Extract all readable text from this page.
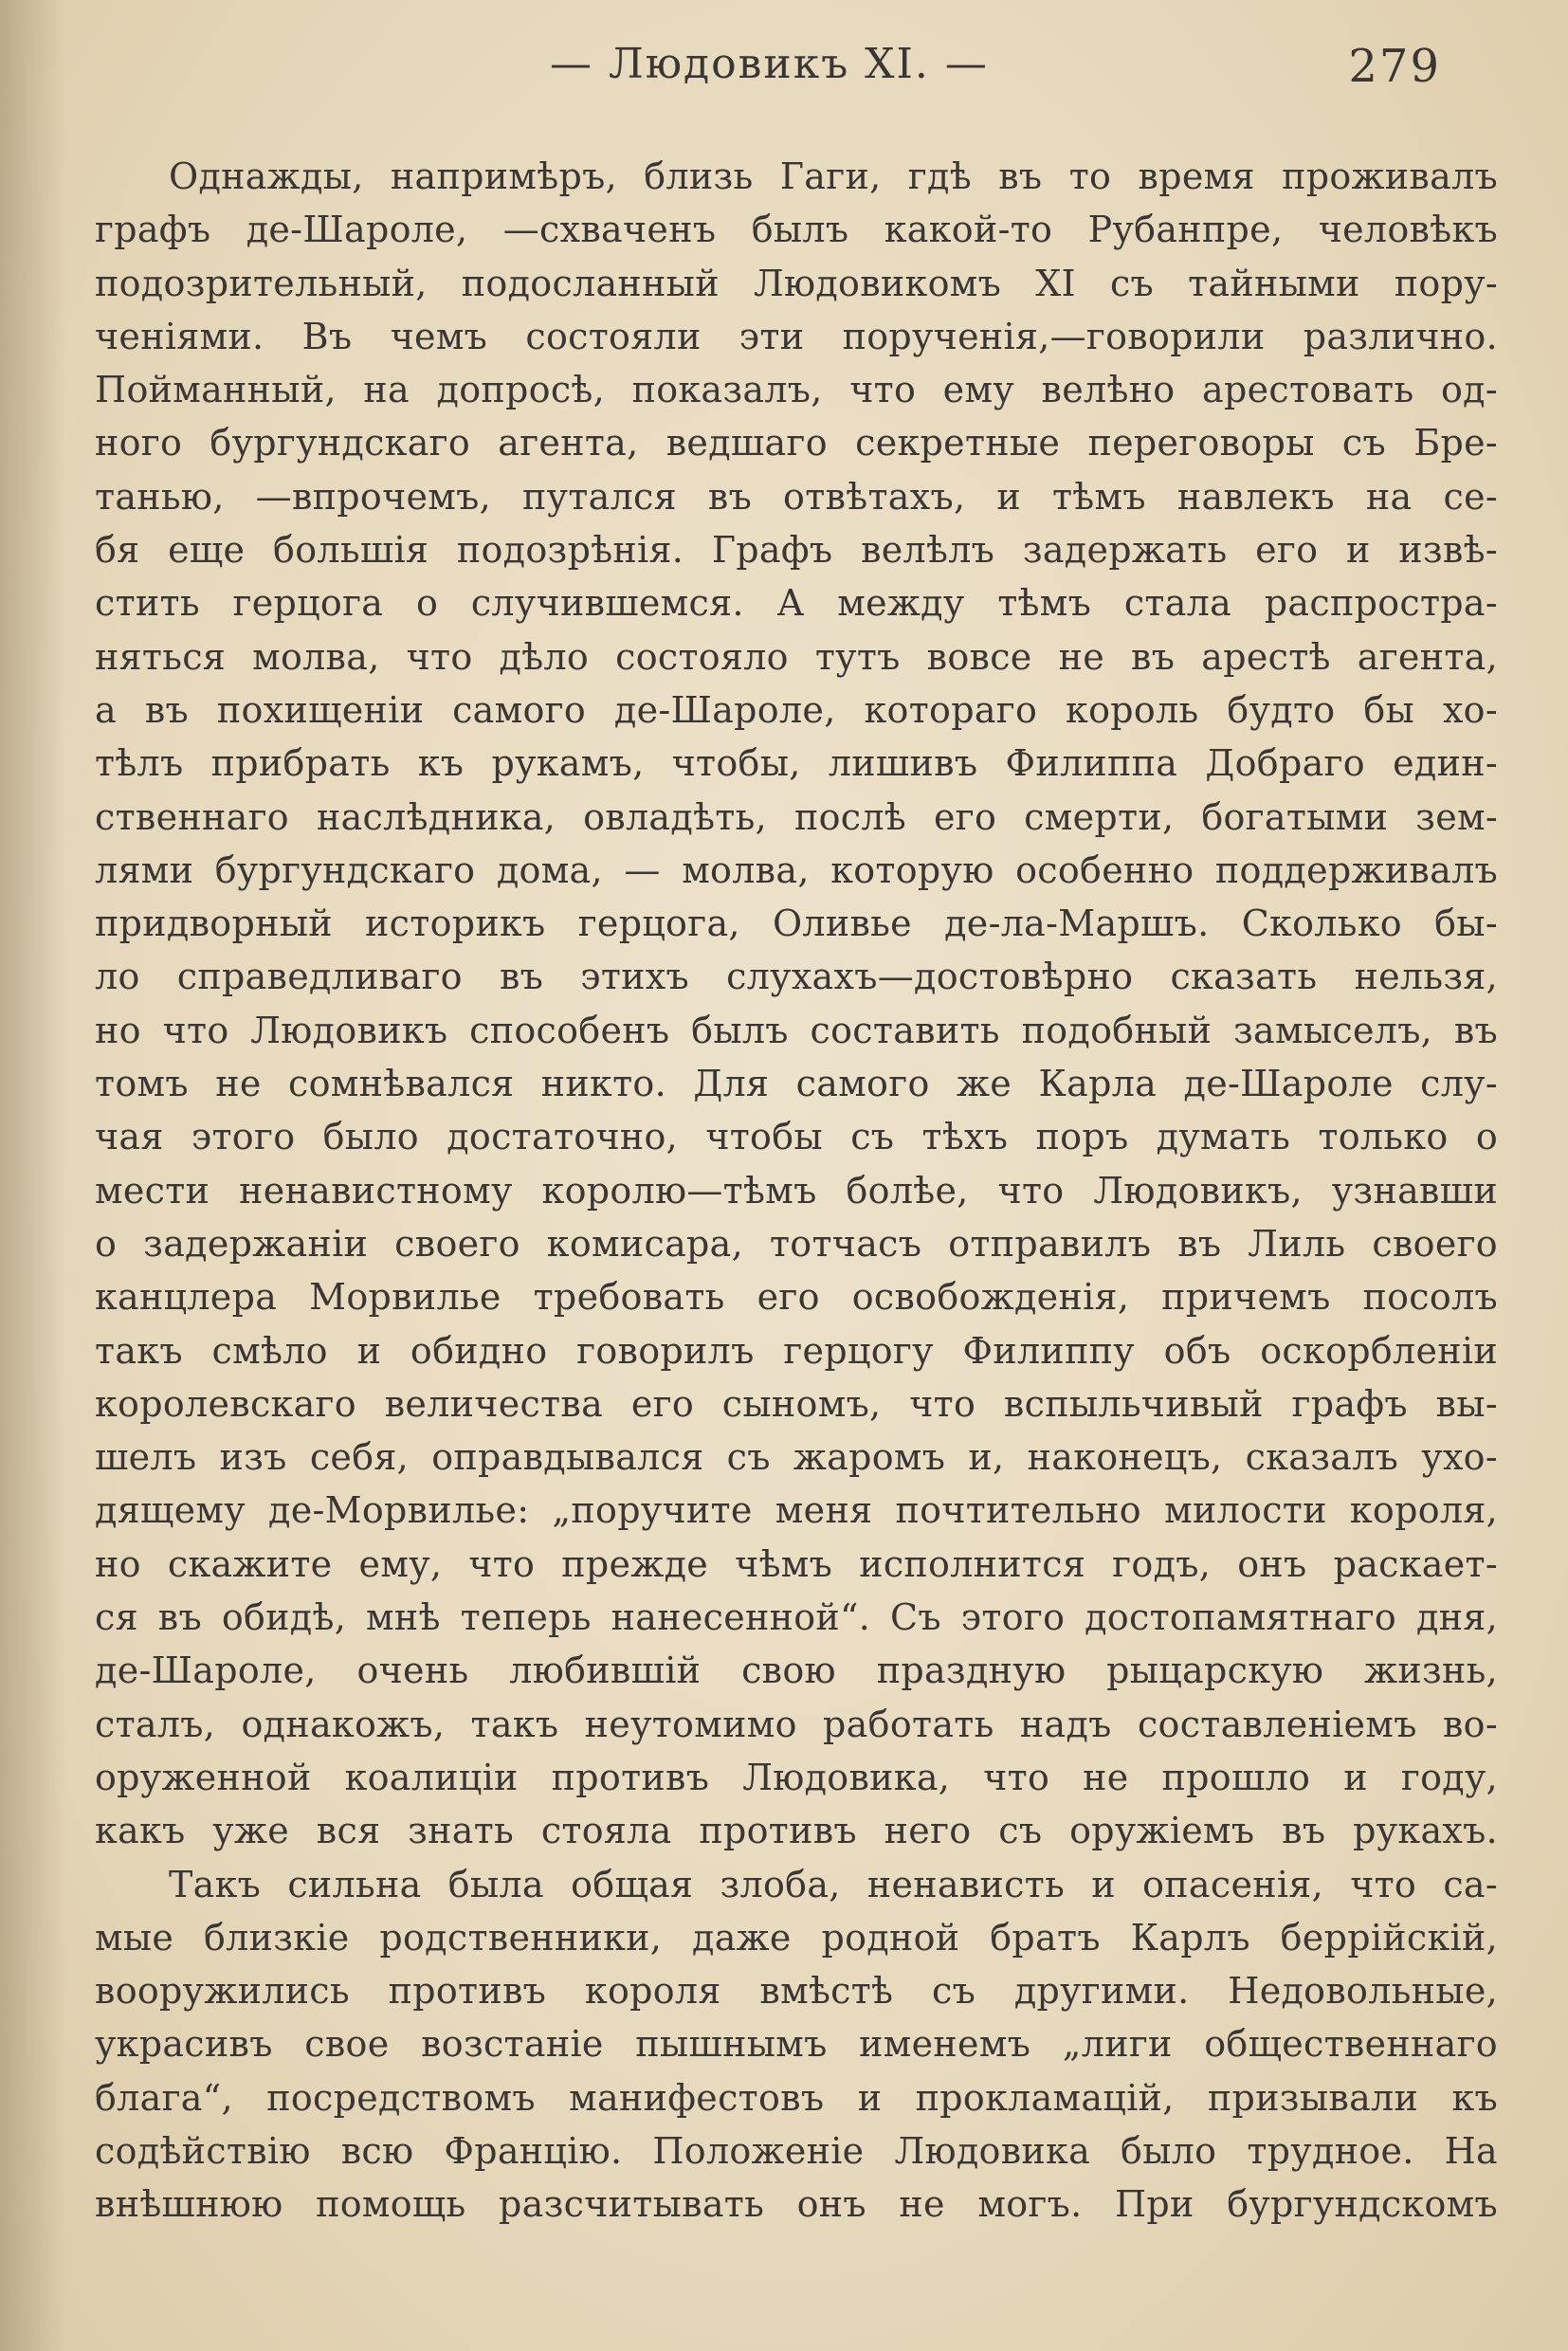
— Людовикъ XI. —	279
Однажды, напримѣръ, близь Гаги, гдѣ въ то время проживалъ
графъ де-Шароле, —схваченъ былъ какой-то Рубанпре, человѣкъ
подозрительный, подосланный Людовикомъ XI съ тайными пору-
ченiями. Въ чемъ состояли эти порученiя,—говорили различно.
Пойманный, на допросѣ, показалъ, что ему велѣно арестовать од-
ного бургундскаго агента, ведшаго секретные переговоры съ Бре-
танью, —впрочемъ, путался въ отвѣтахъ, и тѣмъ навлекъ на се-
бя еще большiя подозрѣнiя. Графъ велѣлъ задержать его и извѣ-
стить герцога о случившемся. А между тѣмъ стала распростра-
няться молва, что дѣло состояло тутъ вовсе не въ арестѣ агента,
а въ похищенiи самого де-Шароле, котораго король будто бы хо-
тѣлъ прибрать къ рукамъ, чтобы, лишивъ Филиппа Добраго един-
ственнаго наслѣдника, овладѣть, послѣ его смерти, богатыми зем-
лями бургундскаго дома, — молва, которую особенно поддерживалъ
придворный историкъ герцога, Оливье де-ла-Маршъ. Сколько бы-
ло справедливаго въ этихъ слухахъ—достовѣрно сказать нельзя,
но что Людовикъ способенъ былъ составить подобный замыселъ, въ
томъ не сомнѣвался никто. Для самого же Карла де-Шароле слу-
чая этого было достаточно, чтобы съ тѣхъ поръ думать только о
мести ненавистному королю—тѣмъ болѣе, что Людовикъ, узнавши
о задержанiи своего комисара, тотчасъ отправилъ въ Лиль своего
канцлера Морвилье требовать его освобожденiя, причемъ посолъ
такъ смѣло и обидно говорилъ герцогу Филиппу объ оскорбленiи
королевскаго величества его сыномъ, что вспыльчивый графъ вы-
шелъ изъ себя, оправдывался съ жаромъ и, наконецъ, сказалъ ухо-
дящему де-Морвилье: „поручите меня почтительно милости короля,
но скажите ему, что прежде чѣмъ исполнится годъ, онъ раскает-
ся въ обидѣ, мнѣ теперь нанесенной“. Съ этого достопамятнаго дня,
де-Шароле, очень любившiй свою праздную рыцарскую жизнь,
сталъ, однакожъ, такъ неутомимо работать надъ составленiемъ во-
оруженной коалицiи противъ Людовика, что не прошло и году,
какъ уже вся знать стояла противъ него съ оружiемъ въ рукахъ.
Такъ сильна была общая злоба, ненависть и опасенiя, что са-
мые близкiе родственники, даже родной братъ Карлъ беррiйскiй,
вооружились противъ короля вмѣстѣ съ другими. Недовольные,
украсивъ свое возстанiе пышнымъ именемъ „лиги общественнаго
блага“, посредствомъ манифестовъ и прокламацiй, призывали къ
содѣйствiю всю Францiю. Положенiе Людовика было трудное. На
внѣшнюю помощь разсчитывать онъ не могъ. При бургундскомъ
